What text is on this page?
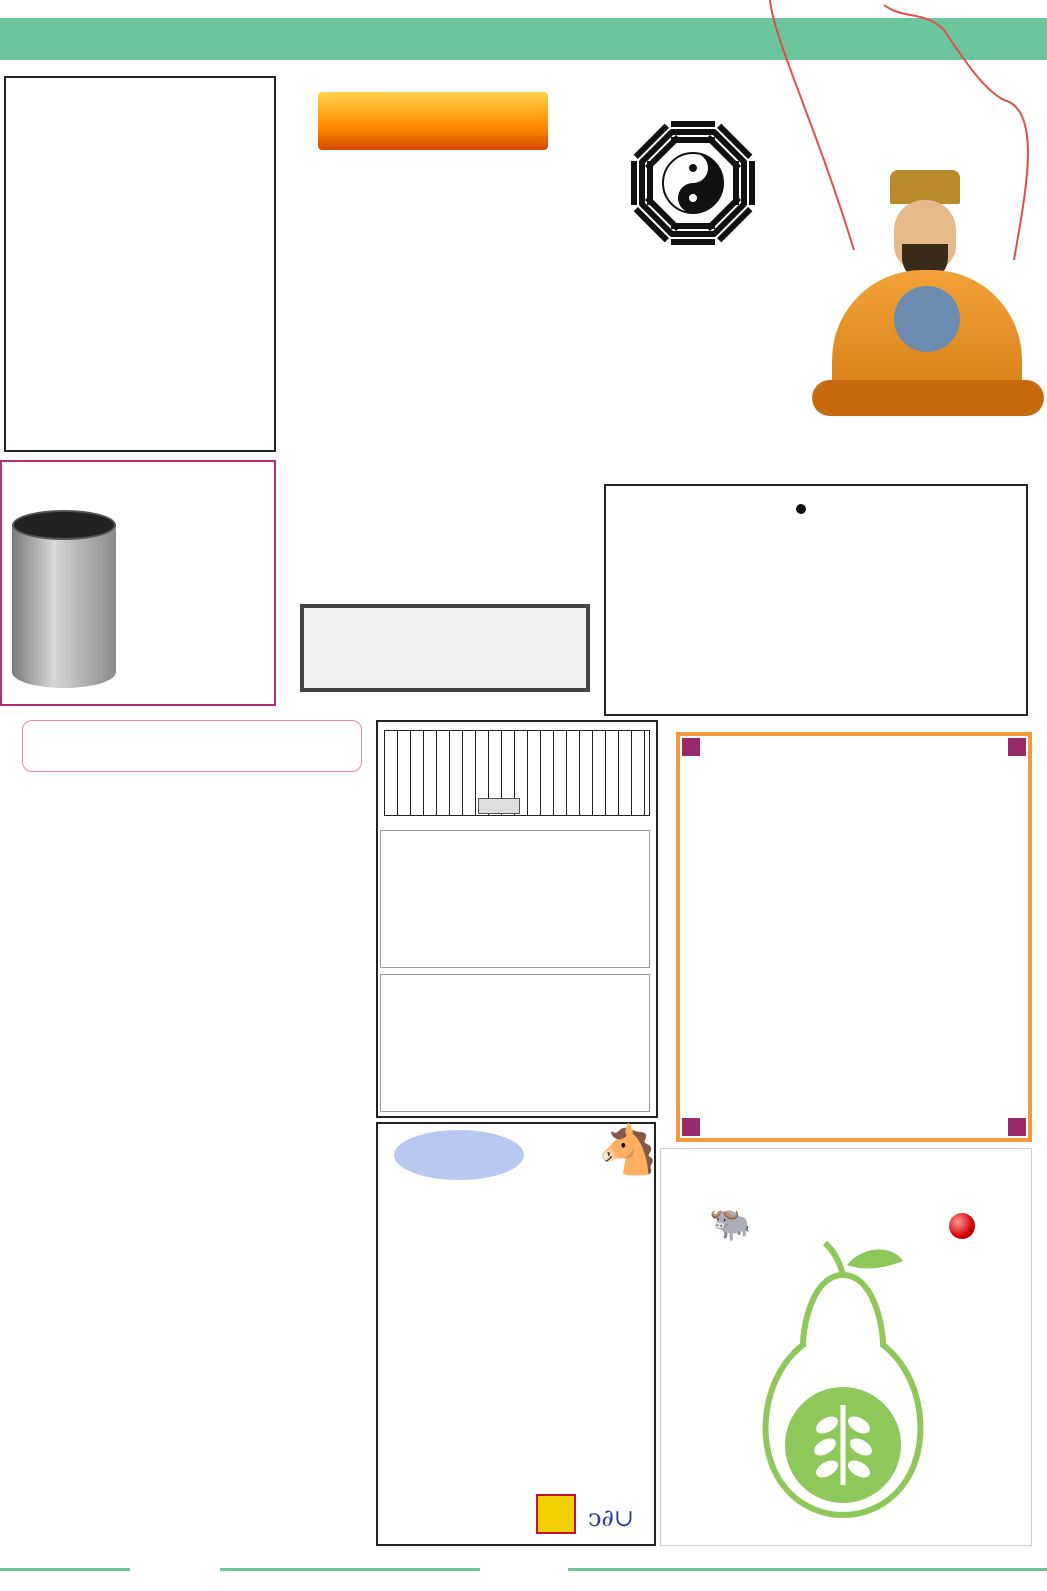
🐴
ↄ∂∪
🐃
